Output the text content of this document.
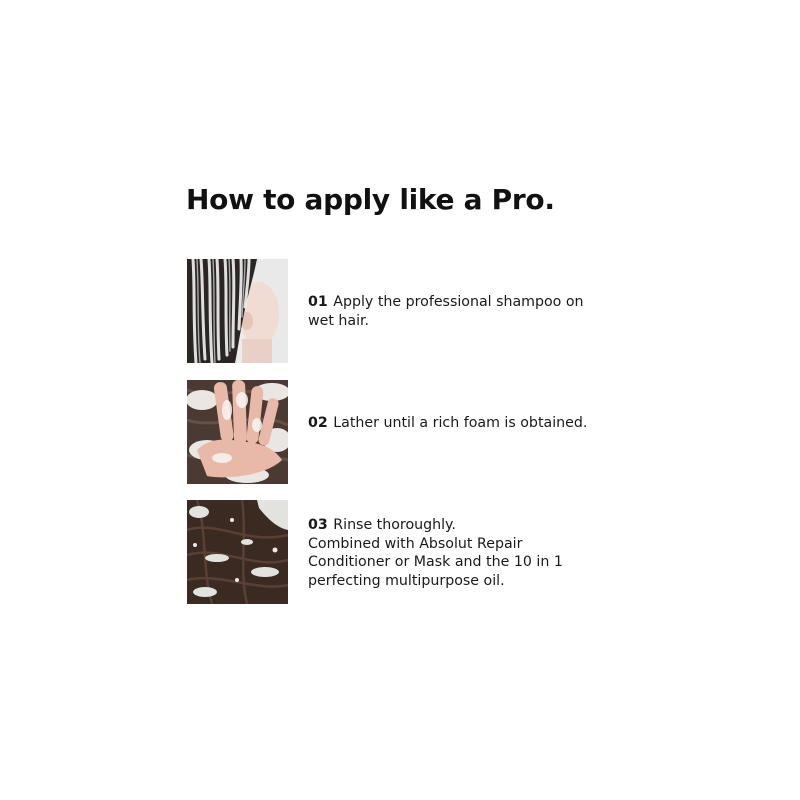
How to apply like a Pro.

01 Apply the professional shampoo on wet hair.

02 Lather until a rich foam is obtained.

03 Rinse thoroughly.
Combined with Absolut Repair Conditioner or Mask and the 10 in 1 perfecting multipurpose oil.
